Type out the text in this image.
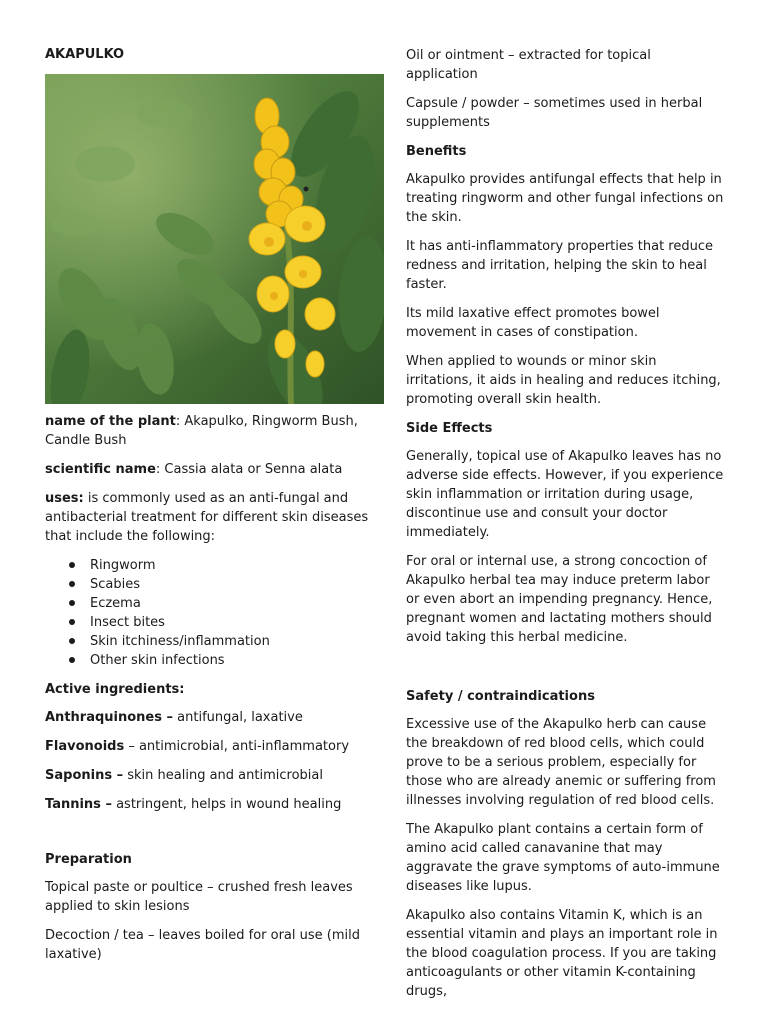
AKAPULKO

name of the plant: Akapulko, Ringworm Bush, Candle Bush

scientific name: Cassia alata or Senna alata

uses: is commonly used as an anti-fungal and antibacterial treatment for different skin diseases that include the following:

Ringworm
Scabies
Eczema
Insect bites
Skin itchiness/inflammation
Other skin infections
Active ingredients:

Anthraquinones – antifungal, laxative

Flavonoids – antimicrobial, anti-inflammatory

Saponins – skin healing and antimicrobial

Tannins – astringent, helps in wound healing

Preparation

Topical paste or poultice – crushed fresh leaves applied to skin lesions

Decoction / tea – leaves boiled for oral use (mild laxative)

Oil or ointment – extracted for topical application

Capsule / powder – sometimes used in herbal supplements

Benefits

Akapulko provides antifungal effects that help in treating ringworm and other fungal infections on the skin.

It has anti-inflammatory properties that reduce redness and irritation, helping the skin to heal faster.

Its mild laxative effect promotes bowel movement in cases of constipation.

When applied to wounds or minor skin irritations, it aids in healing and reduces itching, promoting overall skin health.

Side Effects

Generally, topical use of Akapulko leaves has no adverse side effects. However, if you experience skin inflammation or irritation during usage, discontinue use and consult your doctor immediately.

For oral or internal use, a strong concoction of Akapulko herbal tea may induce preterm labor or even abort an impending pregnancy. Hence, pregnant women and lactating mothers should avoid taking this herbal medicine.

Safety / contraindications

Excessive use of the Akapulko herb can cause the breakdown of red blood cells, which could prove to be a serious problem, especially for those who are already anemic or suffering from illnesses involving regulation of red blood cells.

The Akapulko plant contains a certain form of amino acid called canavanine that may aggravate the grave symptoms of auto-immune diseases like lupus.

Akapulko also contains Vitamin K, which is an essential vitamin and plays an important role in the blood coagulation process. If you are taking anticoagulants or other vitamin K-containing drugs,
